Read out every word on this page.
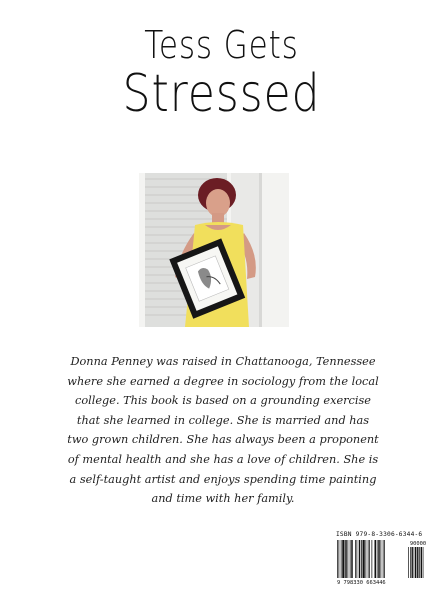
Tess Gets
Stressed
Donna Penney was raised in Chattanooga, Tennessee
where she earned a degree in sociology from the local
college. This book is based on a grounding exercise
that she learned in college. She is married and has
two grown children. She has always been a proponent
of mental health and she has a love of children. She is
a self-taught artist and enjoys spending time painting
and time with her family.
ISBN 979-8-3306-6344-6
90000
9 798330 663446
